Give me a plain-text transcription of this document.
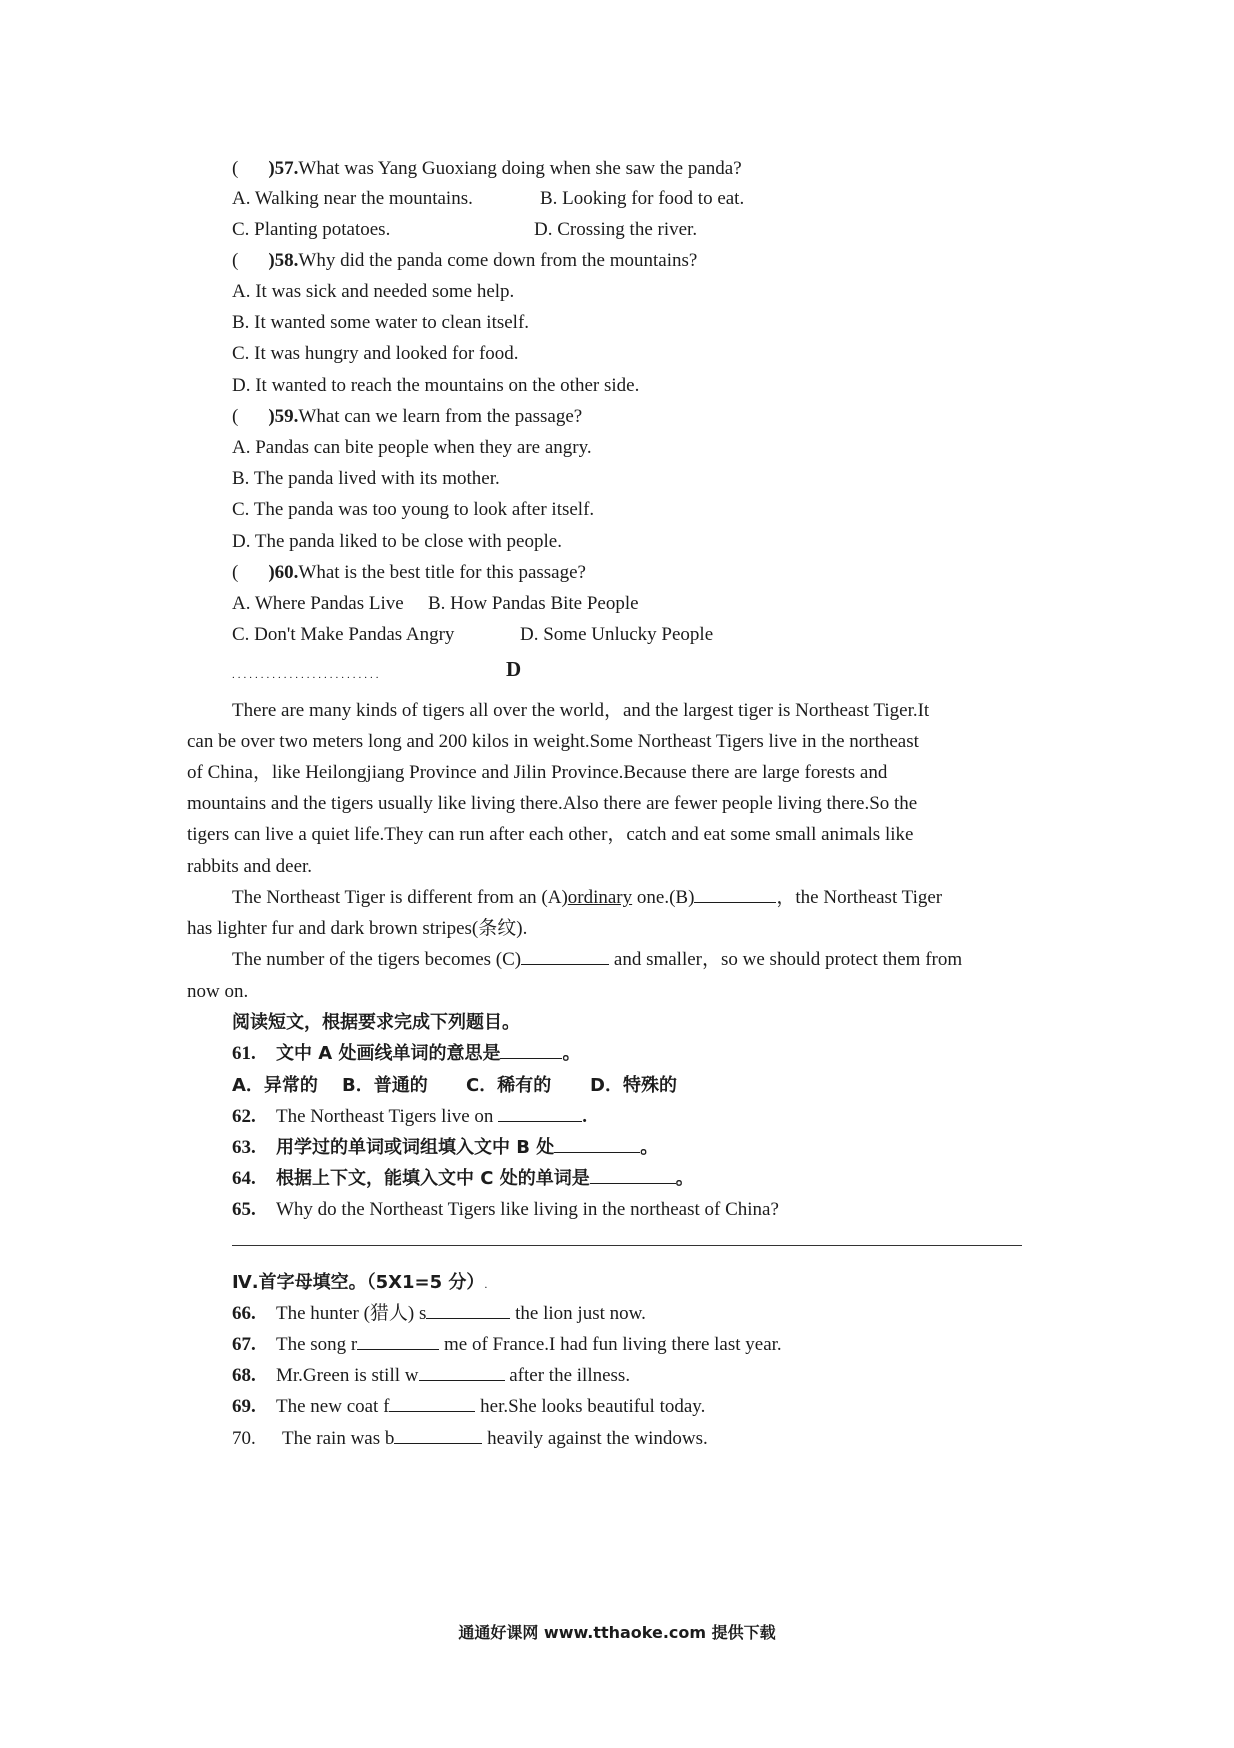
( )57.What was Yang Guoxiang doing when she saw the panda?
A. Walking near the mountains.	B. Looking for food to eat.
C. Planting potatoes.	D. Crossing the river.
( )58.Why did the panda come down from the mountains?
A. It was sick and needed some help.
B. It wanted some water to clean itself.
C. It was hungry and looked for food.
D. It wanted to reach the mountains on the other side.
( )59.What can we learn from the passage?
A. Pandas can bite people when they are angry.
B. The panda lived with its mother.
C. The panda was too young to look after itself.
D. The panda liked to be close with people.
( )60.What is the best title for this passage?
A. Where Pandas Live B. How Pandas Bite People
C. Don't Make Pandas Angry	D. Some Unlucky People
..........................	D
There are many kinds of tigers all over the world，and the largest tiger is Northeast Tiger.It
can be over two meters long and 200 kilos in weight.Some Northeast Tigers live in the northeast
of China，like Heilongjiang Province and Jilin Province.Because there are large forests and
mountains and the tigers usually like living there.Also there are fewer people living there.So the
tigers can live a quiet life.They can run after each other，catch and eat some small animals like
rabbits and deer.
The Northeast Tiger is different from an (A)ordinary one.(B)	，the Northeast Tiger
has lighter fur and dark brown stripes(条纹).
The number of the tigers becomes (C)	and smaller，so we should protect them from
now on.
阅读短文，根据要求完成下列题目。
61. 文中 A 处画线单词的意思是	。
A．异常的 B．普通的 C．稀有的 D．特殊的
62. The Northeast Tigers live on	.
63. 用学过的单词或词组填入文中 B 处	。
64. 根据上下文，能填入文中 C 处的单词是	。
65. Why do the Northeast Tigers like living in the northeast of China?
Ⅳ.首字母填空。（5X1=5 分）.
66. The hunter (猎人) s	the lion just now.
67. The song r	me of France.I had fun living there last year.
68. Mr.Green is still w	after the illness.
69. The new coat f	her.She looks beautiful today.
70. The rain was b	heavily against the windows.
通通好课网 www.tthaoke.com 提供下载
